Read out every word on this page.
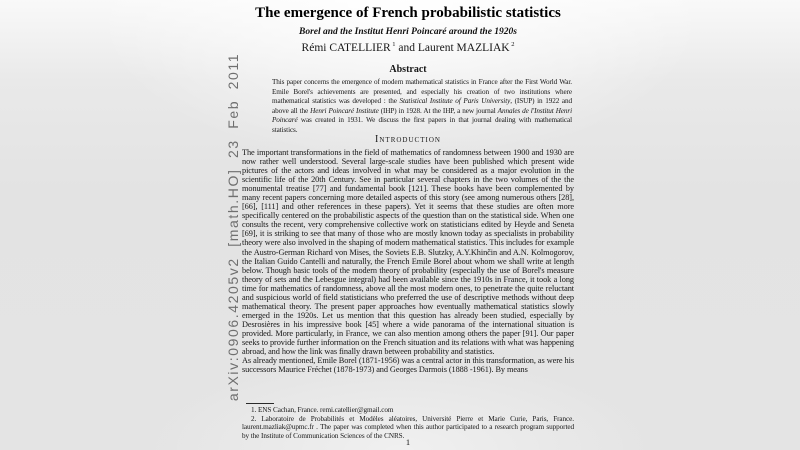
arXiv:0906.4205v2 [math.HO] 23 Feb 2011
The emergence of French probabilistic statistics
Borel and the Institut Henri Poincaré around the 1920s
Rémi CATELLIER $^1$ and Laurent MAZLIAK $^2$
Abstract
This paper concerns the emergence of modern mathematical statistics in France after the First World War. Emile Borel's achievements are presented, and especially his creation of two institutions where mathematical statistics was developed : the Statistical Institute of Paris University, (ISUP) in 1922 and above all the Henri Poincaré Institute (IHP) in 1928. At the IHP, a new journal Annales de l'Institut Henri Poincaré was created in 1931. We discuss the first papers in that journal dealing with mathematical statistics.
Introduction

The important transformations in the field of mathematics of randomness between 1900 and 1930 are now rather well understood. Several large-scale studies have been published which present wide pictures of the actors and ideas involved in what may be considered as a major evolution in the scientific life of the 20th Century. See in particular several chapters in the two volumes of the the monumental treatise [77] and fundamental book [121]. These books have been complemented by many recent papers concerning more detailed aspects of this story (see among numerous others [28], [66], [111] and other references in these papers). Yet it seems that these studies are often more specifically centered on the probabilistic aspects of the question than on the statistical side. When one consults the recent, very comprehensive collective work on statisticians edited by Heyde and Seneta [69], it is striking to see that many of those who are mostly known today as specialists in probability theory were also involved in the shaping of modern mathematical statistics. This includes for example the Austro-German Richard von Mises, the Soviets E.B. Slutzky, A.Y.Khinčin and A.N. Kolmogorov, the Italian Guido Cantelli and naturally, the French Emile Borel about whom we shall write at length below. Though basic tools of the modern theory of probability (especially the use of Borel's measure theory of sets and the Lebesgue integral) had been available since the 1910s in France, it took a long time for mathematics of randomness, above all the most modern ones, to penetrate the quite reluctant and suspicious world of field statisticians who preferred the use of descriptive methods without deep mathematical theory. The present paper approaches how eventually mathematical statistics slowly emerged in the 1920s. Let us mention that this question has already been studied, especially by Desrosières in his impressive book [45] where a wide panorama of the international situation is provided. More particularly, in France, we can also mention among others the paper [91]. Our paper seeks to provide further information on the French situation and its relations with what was happening abroad, and how the link was finally drawn between probability and statistics.

As already mentioned, Emile Borel (1871-1956) was a central actor in this transformation, as were his successors Maurice Fréchet (1878-1973) and Georges Darmois (1888 -1961). By means

1. ENS Cachan, France. remi.catellier@gmail.com
2. Laboratoire de Probabilités et Modèles aléatoires, Université Pierre et Marie Curie, Paris, France. laurent.mazliak@upmc.fr . The paper was completed when this author participated to a research program supported by the Institute of Communication Sciences of the CNRS.
1
